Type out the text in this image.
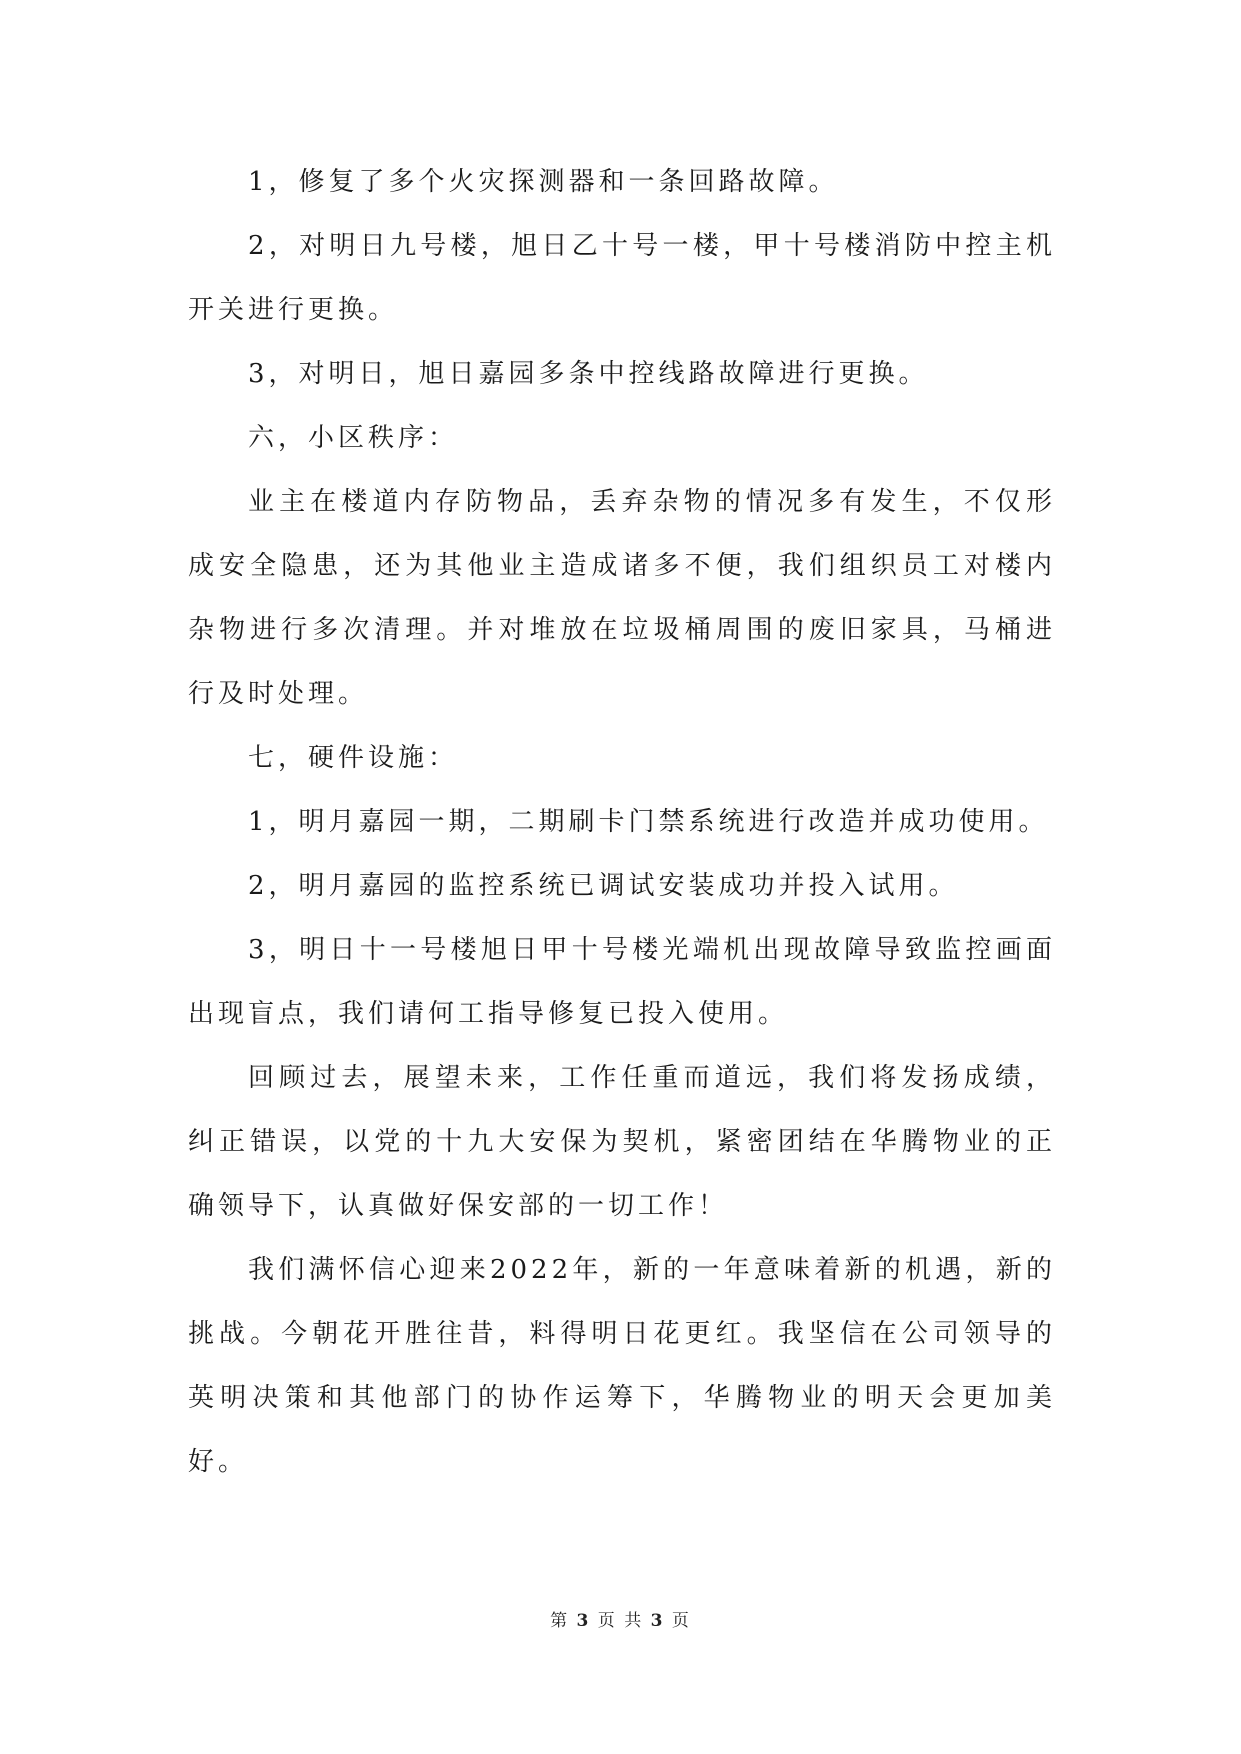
1，修复了多个火灾探测器和一条回路故障。

2，对明日九号楼，旭日乙十号一楼，甲十号楼消防中控主机开关进行更换。

3，对明日，旭日嘉园多条中控线路故障进行更换。

六，小区秩序：

业主在楼道内存防物品，丢弃杂物的情况多有发生，不仅形成安全隐患，还为其他业主造成诸多不便，我们组织员工对楼内杂物进行多次清理。并对堆放在垃圾桶周围的废旧家具，马桶进行及时处理。

七，硬件设施：

1，明月嘉园一期，二期刷卡门禁系统进行改造并成功使用。

2，明月嘉园的监控系统已调试安装成功并投入试用。

3，明日十一号楼旭日甲十号楼光端机出现故障导致监控画面出现盲点，我们请何工指导修复已投入使用。

回顾过去，展望未来，工作任重而道远，我们将发扬成绩，纠正错误，以党的十九大安保为契机，紧密团结在华腾物业的正确领导下，认真做好保安部的一切工作！

我们满怀信心迎来2022年，新的一年意味着新的机遇，新的挑战。今朝花开胜往昔，料得明日花更红。我坚信在公司领导的英明决策和其他部门的协作运筹下，华腾物业的明天会更加美好。

第 3 页 共 3 页
